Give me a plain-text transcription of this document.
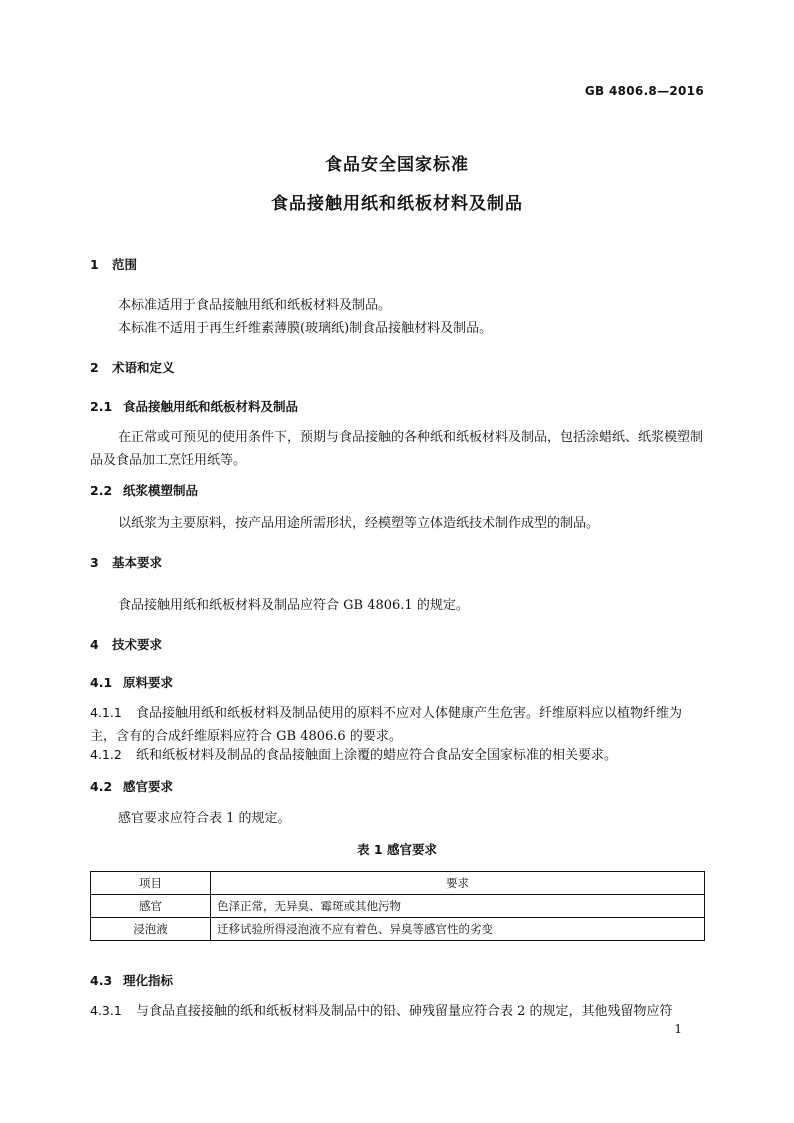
GB 4806.8—2016
食品安全国家标准
食品接触用纸和纸板材料及制品
1 范围
本标准适用于食品接触用纸和纸板材料及制品。
本标准不适用于再生纤维素薄膜(玻璃纸)制食品接触材料及制品。
2 术语和定义
2.1 食品接触用纸和纸板材料及制品
在正常或可预见的使用条件下，预期与食品接触的各种纸和纸板材料及制品，包括涂蜡纸、纸浆模塑制品及食品加工烹饪用纸等。
2.2 纸浆模塑制品
以纸浆为主要原料，按产品用途所需形状，经模塑等立体造纸技术制作成型的制品。
3 基本要求
食品接触用纸和纸板材料及制品应符合 GB 4806.1 的规定。
4 技术要求
4.1 原料要求
4.1.1 食品接触用纸和纸板材料及制品使用的原料不应对人体健康产生危害。纤维原料应以植物纤维为主，含有的合成纤维原料应符合 GB 4806.6 的要求。
4.1.2 纸和纸板材料及制品的食品接触面上涂覆的蜡应符合食品安全国家标准的相关要求。
4.2 感官要求
感官要求应符合表 1 的规定。
表 1 感官要求
项目	要求
感官	色泽正常，无异臭、霉斑或其他污物
浸泡液	迁移试验所得浸泡液不应有着色、异臭等感官性的劣变
4.3 理化指标
4.3.1 与食品直接接触的纸和纸板材料及制品中的铅、砷残留量应符合表 2 的规定，其他残留物应符
1
